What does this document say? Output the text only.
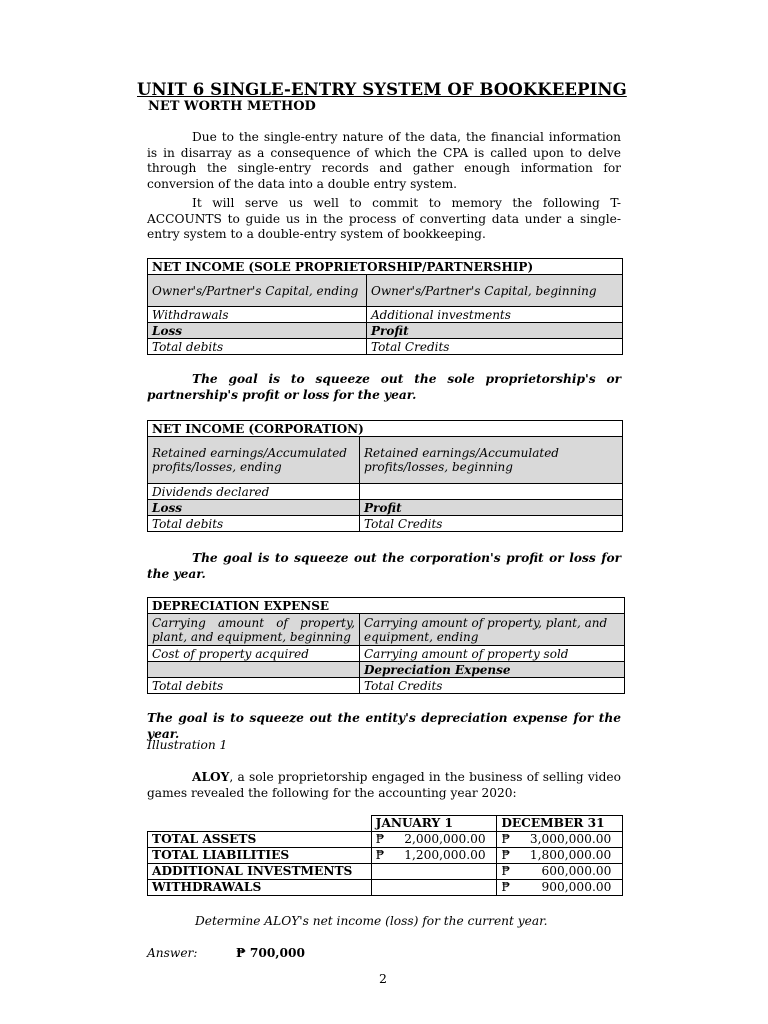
UNIT 6 SINGLE-ENTRY SYSTEM OF BOOKKEEPING
NET WORTH METHOD
Due to the single-entry nature of the data, the financial information is in disarray as a consequence of which the CPA is called upon to delve through the single-entry records and gather enough information for conversion of the data into a double entry system.
It will serve us well to commit to memory the following T-ACCOUNTS to guide us in the process of converting data under a single-entry system to a double-entry system of bookkeeping.
NET INCOME (SOLE PROPRIETORSHIP/PARTNERSHIP)	
Owner's/Partner's Capital, ending	Owner's/Partner's Capital, beginning
Withdrawals	Additional investments
Loss	Profit
Total debits	Total Credits
The goal is to squeeze out the sole proprietorship's or partnership's profit or loss for the year.
NET INCOME (CORPORATION)	
Retained earnings/Accumulated profits/losses, ending	Retained earnings/Accumulated profits/losses, beginning
Dividends declared	
Loss	Profit
Total debits	Total Credits
The goal is to squeeze out the corporation's profit or loss for the year.
DEPRECIATION EXPENSE	
Carrying amount of property, plant, and equipment, beginning	Carrying amount of property, plant, and equipment, ending
Cost of property acquired	Carrying amount of property sold
	Depreciation Expense
Total debits	Total Credits
The goal is to squeeze out the entity's depreciation expense for the year.
Illustration 1
ALOY, a sole proprietorship engaged in the business of selling video games revealed the following for the accounting year 2020:
	JANUARY 1	DECEMBER 31
TOTAL ASSETS	₱ 2,000,000.00	₱ 3,000,000.00
TOTAL LIABILITIES	₱ 1,200,000.00	₱ 1,800,000.00
ADDITIONAL INVESTMENTS		₱ 600,000.00
WITHDRAWALS		₱ 900,000.00
Determine ALOY's net income (loss) for the current year.
Answer:	₱ 700,000
2
